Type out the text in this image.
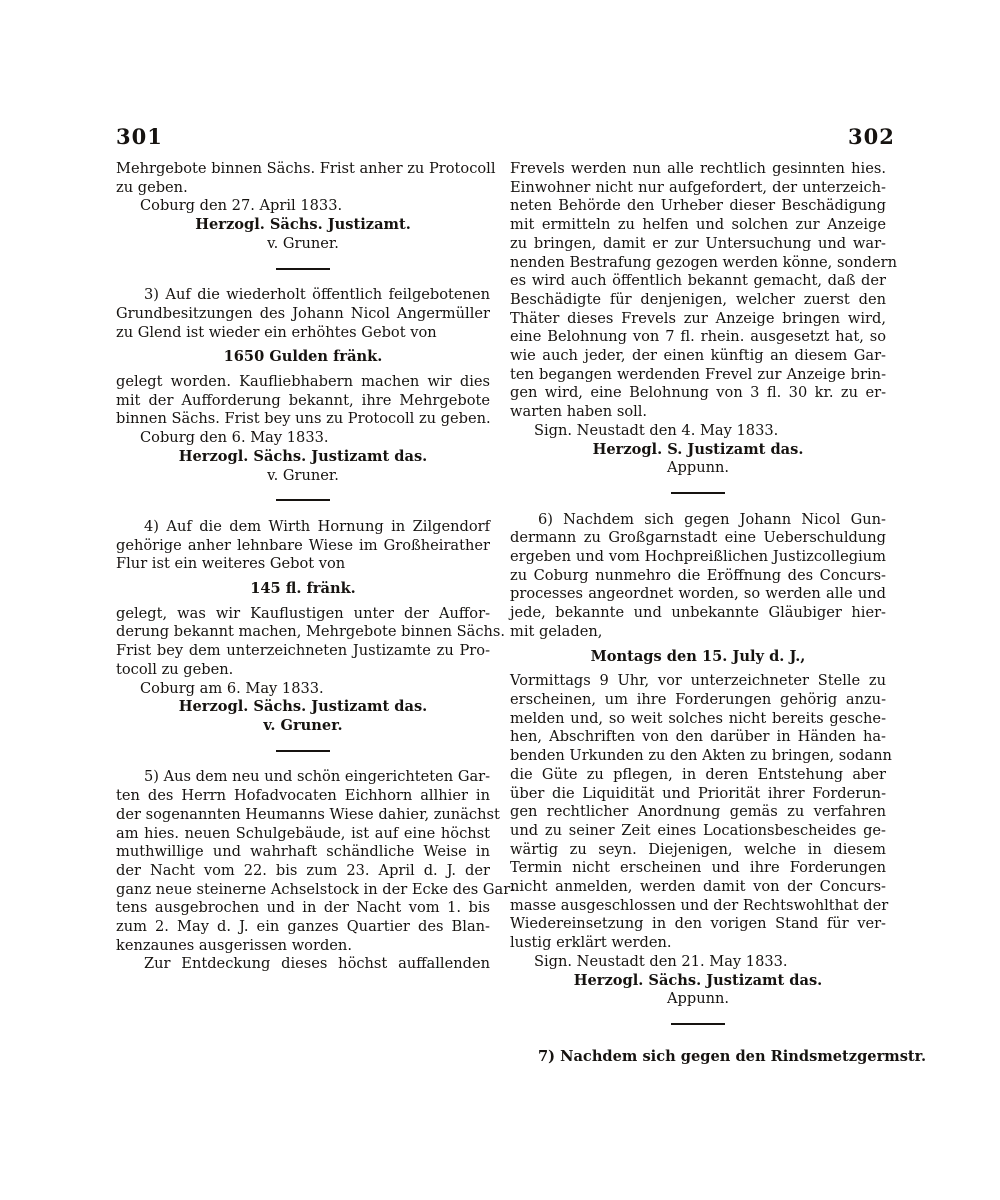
301	302
Mehrgebote binnen Sächs. Frist anher zu Protocoll
zu geben.
Coburg den 27. April 1833.
Herzogl. Sächs. Justizamt.
v. Gruner.
3) Auf die wiederholt öffentlich feilgebotenen
Grundbesitzungen des Johann Nicol Angermüller
zu Glend ist wieder ein erhöhtes Gebot von
1650 Gulden fränk.
gelegt worden. Kaufliebhabern machen wir dies
mit der Aufforderung bekannt, ihre Mehrgebote
binnen Sächs. Frist bey uns zu Protocoll zu geben.
Coburg den 6. May 1833.
Herzogl. Sächs. Justizamt das.
v. Gruner.
4) Auf die dem Wirth Hornung in Zilgendorf
gehörige anher lehnbare Wiese im Großheirather
Flur ist ein weiteres Gebot von
145 fl. fränk.
gelegt, was wir Kauflustigen unter der Auffor-
derung bekannt machen, Mehrgebote binnen Sächs.
Frist bey dem unterzeichneten Justizamte zu Pro-
tocoll zu geben.
Coburg am 6. May 1833.
Herzogl. Sächs. Justizamt das.
v. Gruner.
5) Aus dem neu und schön eingerichteten Gar-
ten des Herrn Hofadvocaten Eichhorn allhier in
der sogenannten Heumanns Wiese dahier, zunächst
am hies. neuen Schulgebäude, ist auf eine höchst
muthwillige und wahrhaft schändliche Weise in
der Nacht vom 22. bis zum 23. April d. J. der
ganz neue steinerne Achselstock in der Ecke des Gar-
tens ausgebrochen und in der Nacht vom 1. bis
zum 2. May d. J. ein ganzes Quartier des Blan-
kenzaunes ausgerissen worden.
Zur Entdeckung dieses höchst auffallenden
Frevels werden nun alle rechtlich gesinnten hies.
Einwohner nicht nur aufgefordert, der unterzeich-
neten Behörde den Urheber dieser Beschädigung
mit ermitteln zu helfen und solchen zur Anzeige
zu bringen, damit er zur Untersuchung und war-
nenden Bestrafung gezogen werden könne, sondern
es wird auch öffentlich bekannt gemacht, daß der
Beschädigte für denjenigen, welcher zuerst den
Thäter dieses Frevels zur Anzeige bringen wird,
eine Belohnung von 7 fl. rhein. ausgesetzt hat, so
wie auch jeder, der einen künftig an diesem Gar-
ten begangen werdenden Frevel zur Anzeige brin-
gen wird, eine Belohnung von 3 fl. 30 kr. zu er-
warten haben soll.
Sign. Neustadt den 4. May 1833.
Herzogl. S. Justizamt das.
Appunn.
6) Nachdem sich gegen Johann Nicol Gun-
dermann zu Großgarnstadt eine Ueberschuldung
ergeben und vom Hochpreißlichen Justizcollegium
zu Coburg nunmehro die Eröffnung des Concurs-
processes angeordnet worden, so werden alle und
jede, bekannte und unbekannte Gläubiger hier-
mit geladen,
Montags den 15. July d. J.,
Vormittags 9 Uhr, vor unterzeichneter Stelle zu
erscheinen, um ihre Forderungen gehörig anzu-
melden und, so weit solches nicht bereits gesche-
hen, Abschriften von den darüber in Händen ha-
benden Urkunden zu den Akten zu bringen, sodann
die Güte zu pflegen, in deren Entstehung aber
über die Liquidität und Priorität ihrer Forderun-
gen rechtlicher Anordnung gemäs zu verfahren
und zu seiner Zeit eines Locationsbescheides ge-
wärtig zu seyn. Diejenigen, welche in diesem
Termin nicht erscheinen und ihre Forderungen
nicht anmelden, werden damit von der Concurs-
masse ausgeschlossen und der Rechtswohlthat der
Wiedereinsetzung in den vorigen Stand für ver-
lustig erklärt werden.
Sign. Neustadt den 21. May 1833.
Herzogl. Sächs. Justizamt das.
Appunn.
7) Nachdem sich gegen den Rindsmetzgermstr.
